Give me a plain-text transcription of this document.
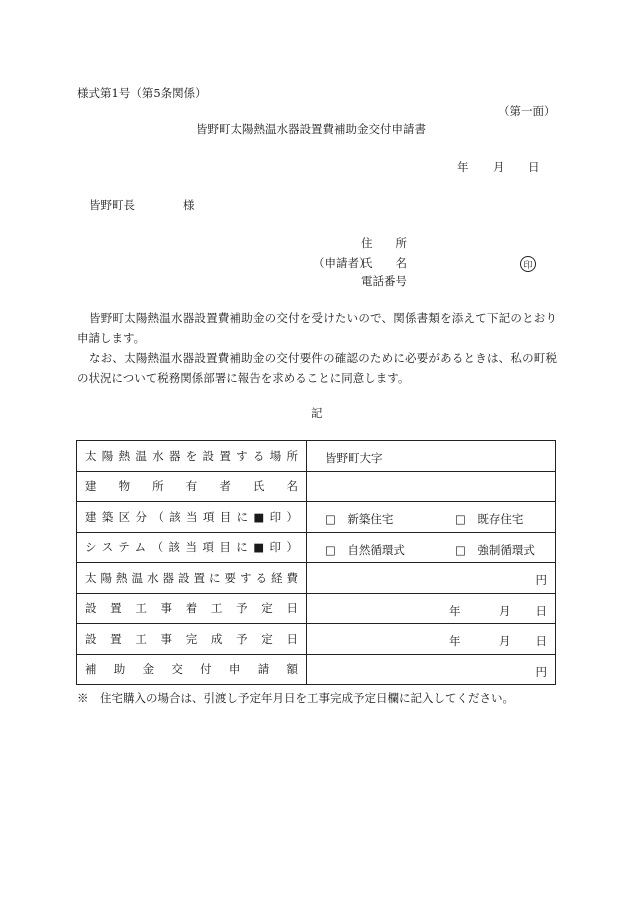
様式第1号（第5条関係）
（第一面）
皆野町太陽熱温水器設置費補助金交付申請書
年 月 日
皆野町長	様
住　　所
（申請者）
氏　　名	印
電話番号
皆野町太陽熱温水器設置費補助金の交付を受けたいので、関係書類を添えて下記のとおり申請します。
なお、太陽熱温水器設置費補助金の交付要件の確認のために必要があるときは、私の町税の状況について税務関係部署に報告を求めることに同意します。
記
太陽熱温水器を設置する場所	皆野町大字

建物所有者氏名	
建築区分（該当項目に■印）	□　新築住宅 □　既存住宅

システム（該当項目に■印）	□　自然循環式 □　強制循環式

太陽熱温水器設置に要する経費	円

設置工事着工予定日	年 月 日

設置工事完成予定日	年 月 日

補助金交付申請額	円
※　住宅購入の場合は、引渡し予定年月日を工事完成予定日欄に記入してください。
